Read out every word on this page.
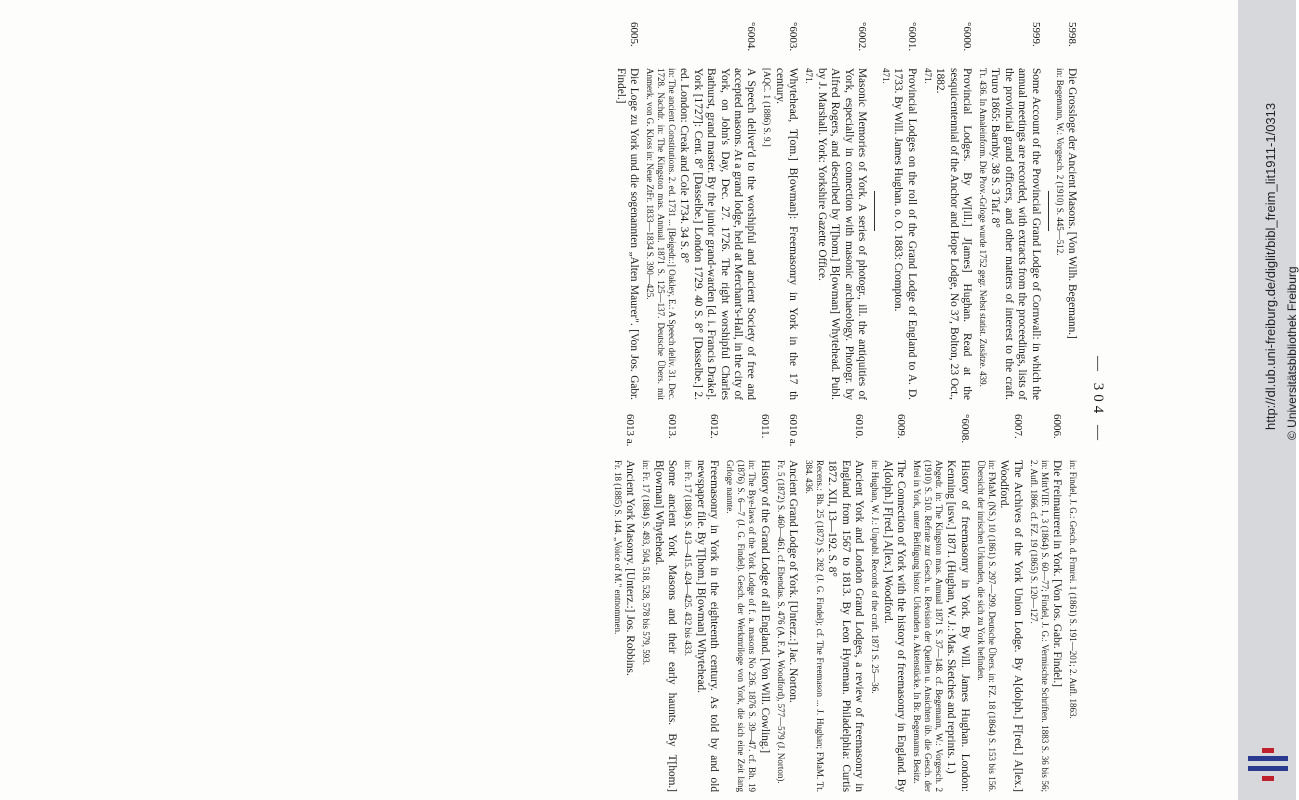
— 304 —
5998.
Die Grosslogе der Ancient Masons. [Von Wilh. Begemann.]
in: Begemann, W.: Vorgesch. 2 (1910) S. 445—512.
5999.
Some Account of the Provincial Grand Lodge of Cornwall: in which the annual meetings are recorded, with extracts from the proceedings, lists of the provincial grand officers, and other matters of interest to the craft. Truro 1865: Barnby. 38 S. 3 Taf. 8°
Tt. 436. In Amaleinform. Die Prov.-Grloge wurde 1752 gegr. Nebst statist. Zusätze. 439.
°6000.
Provincial Lodges. By W[ill.] J[ames] Hughan. Read at the sesquicentennial of the Anchor and Hope Lodge, No 37, Bolton, 23 Oct., 1882.
471.
°6001.
Provincial Lodges on the roll of the Grand Lodge of England to A. D. 1733. By Will. James Hughan. o. O. 1883: Crompton.
471.
°6002.
Masonic Memories of York. A series of photogr., ill. the antiquities of York, especially in connection with masonic archaeology. Photogr. by Alfred Rogers, and described by T[hom.] B[owman] Whytehead. Publ. by J. Marshall. York: Yorkshire Gazette Office.
471.
°6003.
Whytehead, T[om.] B[owman]: Freemasonry in York in the 17 th century.
[AQC. 1 (1886) S. 9.]
°6004.
A Speech deliver'd to the worshipful and ancient Society of free and accepted masons. At a grand lodge, held at Merchant's-Hall, in the city of York, on John's Day, Dec. 27. 1726. The right worshipful Charles Bathurst, grand master. By the junior grand-warden [d. i. Francis Drake]. York [1727]: Cent. 8° [Dasselbe.] London 1729. 40 S. 8° [Dasselbe.] 2. ed. London: Creak and Cole 1734. 34 S. 8°
in: The ancient Constitutions. 2. ed. 1731 ... [Beigedr.:] Oakley, E.: A Speech deliv. 31. Dec. 1728. Nachdr. in: The Kingston mas. Annual. 1871 S. 125—137. Deutsche Übers. mit Anmerk. von G. Kloss in: Neue ZtFr. 1833—1834 S. 390—425.
6005.
Die Loge zu York und die sogenannten „Alten Maurer". [Von Jos. Gabr. Findel.]
in: Findel, J. G.: Gesch. d. Frmrei. 1 (1861) S. 191—201; 2. Aufl. 1863.
6006.
Die Freimaurerei in York. [Von Jos. Gabr. Findel.]
in: MittVIIF. 1, 3 (1864) S. 60—77; Findel, J. G.: Vermischte Schriften. 1883 S. 36 bis 56; 2. Aufl. 1866. cf. FZ. 19 (1865) S. 120—127.
6007.
The Archives of the York Union Lodge. By A[dolph.] F[red.] A[lex.] Woodford.
in: FMaM. (NS.) 10 (1861) S. 297—299. Deutsche Übers. in: FZ. 18 (1864) S. 153 bis 156. Übersicht der inrischen Urkunden, die sich zu York befinden.
°6008.
History of freemasonry in York. By Will. James Hughan. London: Kenning [usw.] 1871. (Hughan, W. J.: Mas. Sketches and reprints. 1.)
Abgedr. in: The Kingston mas. Annual 1871 S. 37—148. cf. Begemann, W.: Vorgesch. 2 (1910) S. 510. Refrate zur Gesch. u. Revision der Quellen u. Ansichten üb. die Gesch. der Mrei in York, unter Beifügung histor. Urkunden a. Aktenstücke. In Br. Begemanns Besitz.
6009.
The Connection of York with the history of freemasonry in England. By A[dolph.] F[red.] A[lex.] Woodford.
in: Hughan, W. J.: Unpubl. Records of the craft. 1871 S. 25—36.
6010.
Ancient York and London Grand Lodges, a review of freemasonry in England from 1567 to 1813. By Leon Hyneman. Philadelphia: Curtis 1872. XII, 13—192. S. 8°
Recens.: Bh. 25 (1872) S. 282 (J. G. Findel); cf. The Freemason ... J. Hughan; FMaM. Tt. 384. 436.
6010 a.
Ancient Grand Lodge of York. [Unterz.:] Jac. Norton.
Fr. 5 (1872) S. 460—461. cf. Ebendas. S. 476 (A. F. A. Woodford), 577—579 (J. Norton).
6011.
History of the Grand Lodge of all England. [Von Will. Cowling.]
in: The Bye-laws of the York Lodge of f. a. masons No 236. 1876 S. 39—47. cf. Bh. 19 (1876) S. 6—7 (J. G. Findel). Gesch. der Werkmriloge von York, die sich eine Zeit lang Grloge nannte.
6012.
Freemasonry in York in the eighteenth century. As told by and old newspaper file. By T[hom.] B[owman] Whytehead.
in: Fr. 17 (1884) S. 413—415. 424—425. 432 bis 433.
6013.
Some ancient York Masons and their early haunts. By T[hom.] B[owman] Whytehead.
in: Fr. 17 (1884) S. 493, 504, 518, 528, 578 bis 579, 593.
6013 a.
Ancient York Masonry. [Unterz.:] Jos. Robbins.
Fr. 18 (1885) S. 144. „Voice of M." entnommen.
http://dl.ub.uni-freiburg.de/diglit/bibl_freim_lit1911-1/0313 © Universitätsbibliothek Freiburg
